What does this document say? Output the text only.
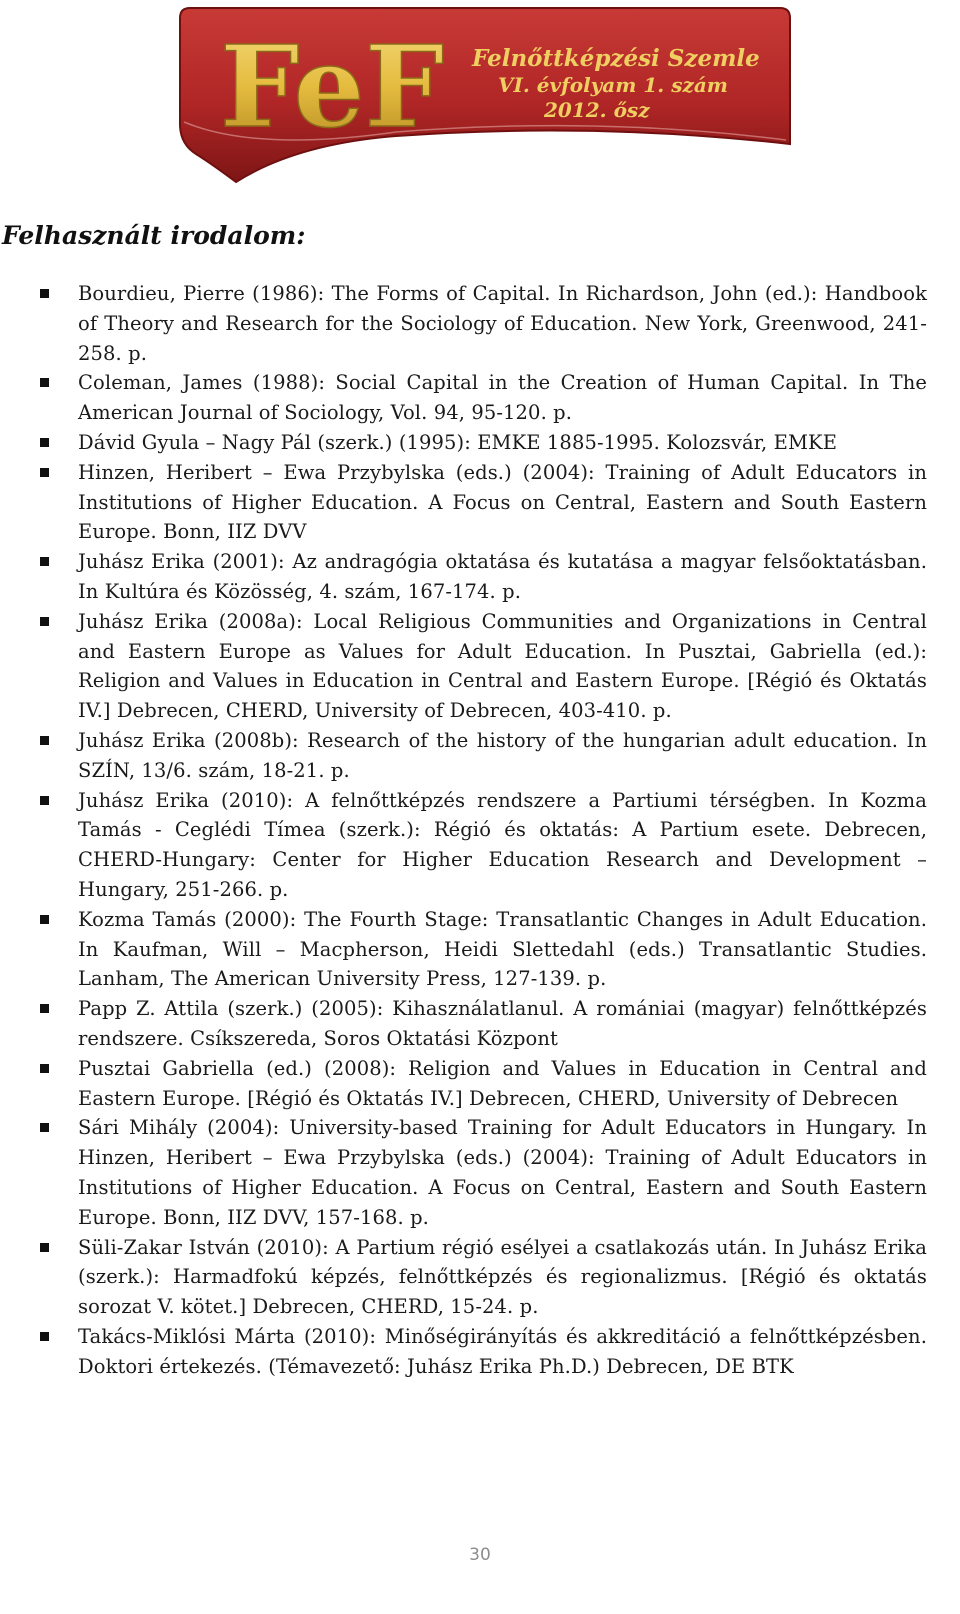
FeF Felnőttképzési Szemle
VI. évfolyam 1. szám
2012. ősz
Felhasznált irodalom:
Bourdieu, Pierre (1986): The Forms of Capital. In Richardson, John (ed.): Handbook of Theory and Research for the Sociology of Education. New York, Greenwood, 241-258. p.
Coleman, James (1988): Social Capital in the Creation of Human Capital. In The American Journal of Sociology, Vol. 94, 95-120. p.
Dávid Gyula – Nagy Pál (szerk.) (1995): EMKE 1885-1995. Kolozsvár, EMKE
Hinzen, Heribert – Ewa Przybylska (eds.) (2004): Training of Adult Educators in Institutions of Higher Education. A Focus on Central, Eastern and South Eastern Europe. Bonn, IIZ DVV
Juhász Erika (2001): Az andragógia oktatása és kutatása a magyar felsőoktatásban. In Kultúra és Közösség, 4. szám, 167-174. p.
Juhász Erika (2008a): Local Religious Communities and Organizations in Central and Eastern Europe as Values for Adult Education. In Pusztai, Gabriella (ed.): Religion and Values in Education in Central and Eastern Europe. [Régió és Oktatás IV.] Debrecen, CHERD, University of Debrecen, 403-410. p.
Juhász Erika (2008b): Research of the history of the hungarian adult education. In SZÍN, 13/6. szám, 18-21. p.
Juhász Erika (2010): A felnőttképzés rendszere a Partiumi térségben. In Kozma Tamás - Ceglédi Tímea (szerk.): Régió és oktatás: A Partium esete. Debrecen, CHERD-Hungary: Center for Higher Education Research and Development – Hungary, 251-266. p.
Kozma Tamás (2000): The Fourth Stage: Transatlantic Changes in Adult Education. In Kaufman, Will – Macpherson, Heidi Slettedahl (eds.) Transatlantic Studies. Lanham, The American University Press, 127-139. p.
Papp Z. Attila (szerk.) (2005): Kihasználatlanul. A romániai (magyar) felnőttképzés rendszere. Csíkszereda, Soros Oktatási Központ
Pusztai Gabriella (ed.) (2008): Religion and Values in Education in Central and Eastern Europe. [Régió és Oktatás IV.] Debrecen, CHERD, University of Debrecen
Sári Mihály (2004): University-based Training for Adult Educators in Hungary. In Hinzen, Heribert – Ewa Przybylska (eds.) (2004): Training of Adult Educators in Institutions of Higher Education. A Focus on Central, Eastern and South Eastern Europe. Bonn, IIZ DVV, 157-168. p.
Süli-Zakar István (2010): A Partium régió esélyei a csatlakozás után. In Juhász Erika (szerk.): Harmadfokú képzés, felnőttképzés és regionalizmus. [Régió és oktatás sorozat V. kötet.] Debrecen, CHERD, 15-24. p.
Takács-Miklósi Márta (2010): Minőségirányítás és akkreditáció a felnőttképzésben. Doktori értekezés. (Témavezető: Juhász Erika Ph.D.) Debrecen, DE BTK
30
